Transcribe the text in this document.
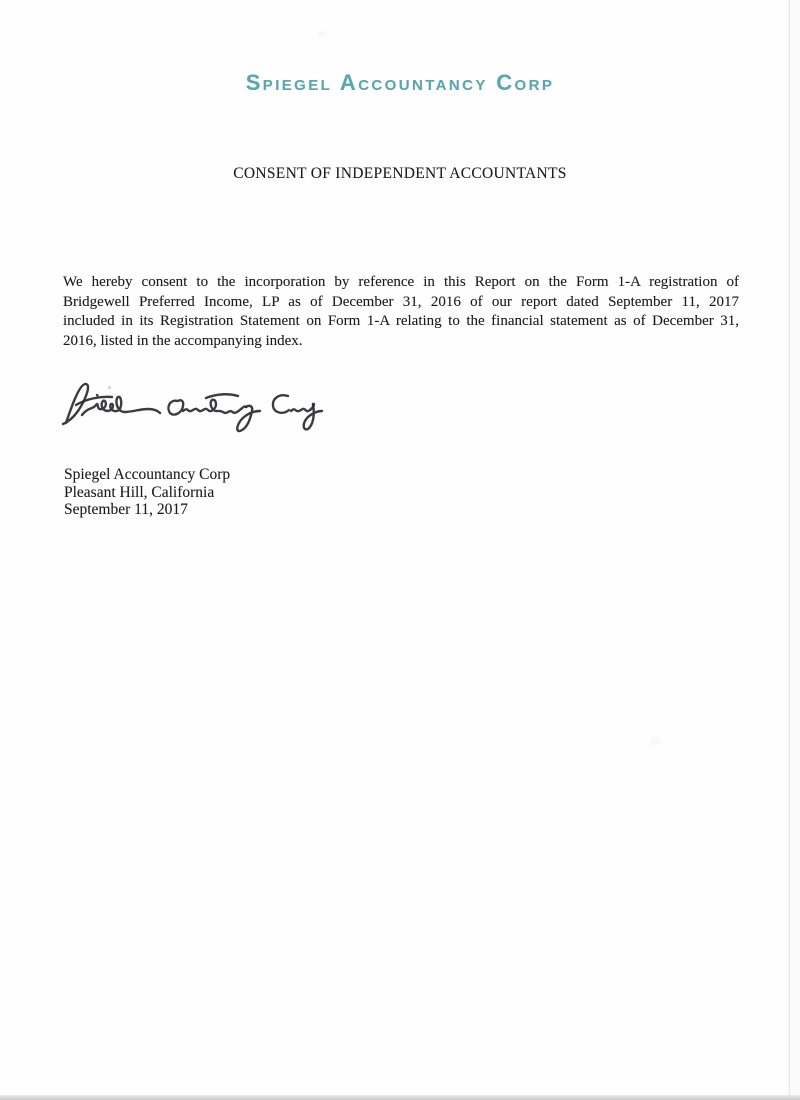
Spiegel Accountancy Corp
CONSENT OF INDEPENDENT ACCOUNTANTS
We hereby consent to the incorporation by reference in this Report on the Form 1-A registration of
Bridgewell Preferred Income, LP as of December 31, 2016 of our report dated September 11, 2017
included in its Registration Statement on Form 1-A relating to the financial statement as of December 31,
2016, listed in the accompanying index.
Spiegel Accountancy Corp
Pleasant Hill, California
September 11, 2017
